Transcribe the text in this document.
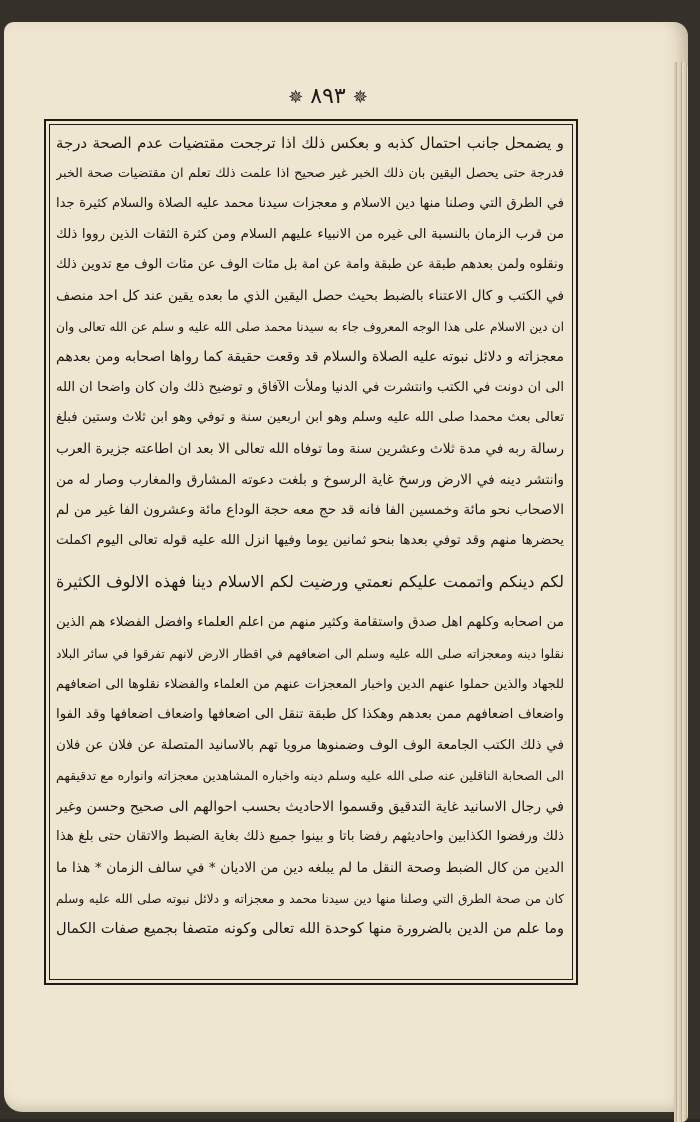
✵ ٨٩٣ ✵
و يضمحل جانب احتمال كذبه و بعكس ذلك اذا ترجحت مقتضيات عدم الصحة درجة
فدرجة حتى يحصل اليقين بان ذلك الخبر غير صحيح اذا علمت ذلك تعلم ان مقتضيات صحة الخبر
في الطرق التي وصلنا منها دين الاسلام و معجزات سيدنا محمد عليه الصلاة والسلام كثيرة جدا
من قرب الزمان بالنسبة الى غيره من الانبياء عليهم السلام ومن كثرة الثقات الذين رووا ذلك
ونقلوه ولمن بعدهم طبقة عن طبقة وامة عن امة بل مئات الوف عن مئات الوف مع تدوين ذلك
في الكتب و كال الاعتناء بالضبط بحيث حصل اليقين الذي ما بعده يقين عند كل احد منصف
ان دين الاسلام على هذا الوجه المعروف جاء به سيدنا محمد صلى الله عليه و سلم عن الله تعالى وان
معجزاته و دلائل نبوته عليه الصلاة والسلام قد وقعت حقيقة كما رواها اصحابه ومن بعدهم
الى ان دونت في الكتب وانتشرت في الدنيا وملأت الآفاق و توضيح ذلك وان كان واضحا ان الله
تعالى بعث محمدا صلى الله عليه وسلم وهو ابن اربعين سنة و توفي وهو ابن ثلاث وستين فبلغ
رسالة ربه في مدة ثلاث وعشرين سنة وما توفاه الله تعالى الا بعد ان اطاعته جزيرة العرب
وانتشر دينه في الارض ورسخ غاية الرسوخ و بلغت دعوته المشارق والمغارب وصار له من
الاصحاب نحو مائة وخمسين الفا فانه قد حج معه حجة الوداع مائة وعشرون الفا غير من لم
يحضرها منهم وقد توفي بعدها بنحو ثمانين يوما وفيها انزل الله عليه قوله تعالى اليوم اكملت
لكم دينكم واتممت عليكم نعمتي ورضيت لكم الاسلام دينا فهذه الالوف الكثيرة
من اصحابه وكلهم اهل صدق واستقامة وكثير منهم من اعلم العلماء وافضل الفضلاء هم الذين
نقلوا دينه ومعجزاته صلى الله عليه وسلم الى اضعافهم في اقطار الارض لانهم تفرقوا في سائر البلاد
للجهاد والذين حملوا عنهم الدين واخبار المعجزات عنهم من العلماء والفضلاء نقلوها الى اضعافهم
واضعاف اضعافهم ممن بعدهم وهكذا كل طبقة تنقل الى اضعافها واضعاف اضعافها وقد الفوا
في ذلك الكتب الجامعة الوف الوف وضمنوها مرويا تهم بالاسانيد المتصلة عن فلان عن فلان
الى الصحابة الناقلين عنه صلى الله عليه وسلم دينه واخباره المشاهدين معجزاته وانواره مع تدقيقهم
في رجال الاسانيد غاية التدقيق وقسموا الاحاديث بحسب احوالهم الى صحيح وحسن وغير
ذلك ورفضوا الكذابين واحاديثهم رفضا باتا و بينوا جميع ذلك بغاية الضبط والاتقان حتى بلغ هذا
الدين من كال الضبط وصحة النقل ما لم يبلغه دين من الاديان * في سالف الزمان * هذا ما
كان من صحة الطرق التي وصلنا منها دين سيدنا محمد و معجزاته و دلائل نبوته صلى الله عليه وسلم
وما علم من الدين بالضرورة منها كوحدة الله تعالى وكونه متصفا بجميع صفات الكمال
